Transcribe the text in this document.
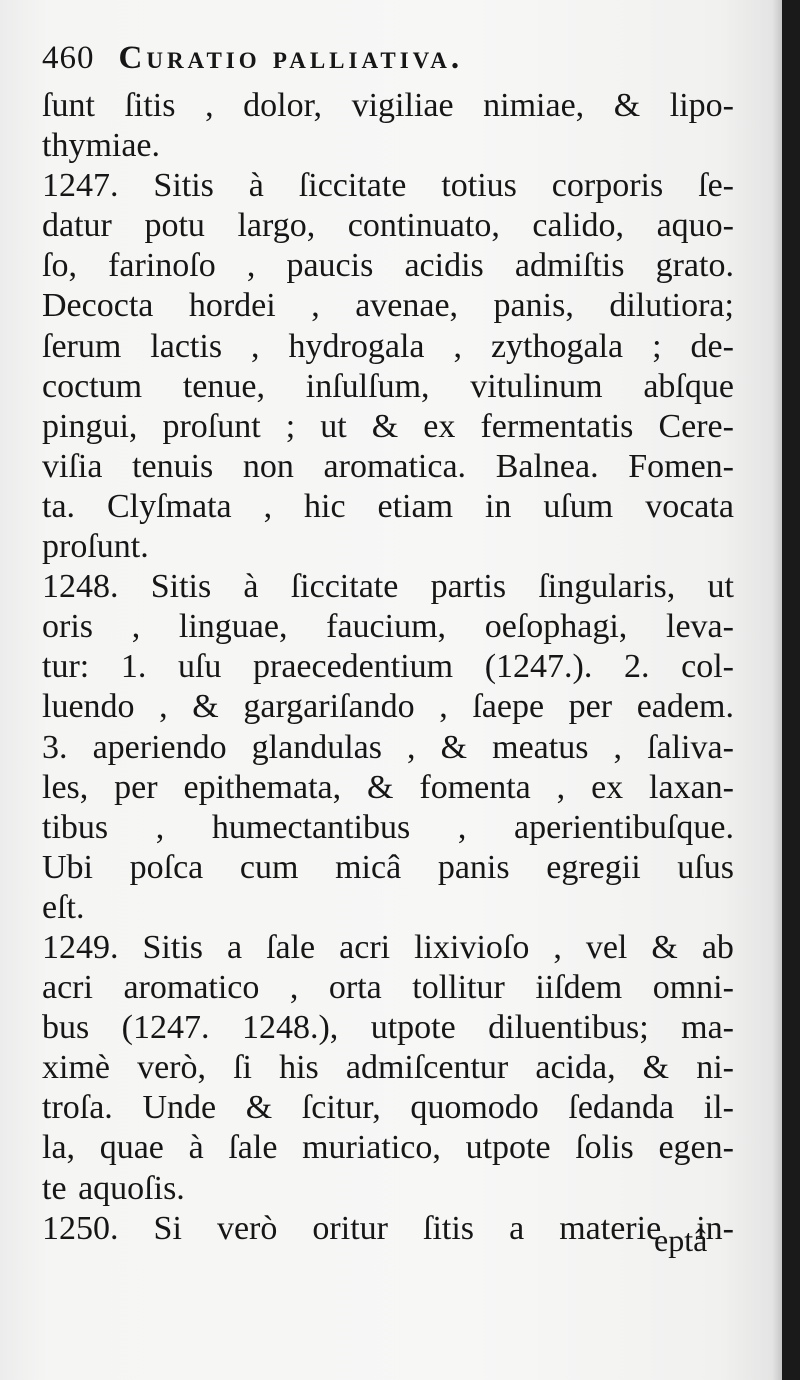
460 Curatio palliativa.
ſunt ſitis , dolor, vigiliae nimiae, & lipo-
thymiae.
1247. Sitis à ſiccitate totius corporis ſe-
datur potu largo, continuato, calido, aquo-
ſo, farinoſo , paucis acidis admiſtis grato.
Decocta hordei , avenae, panis, dilutiora;
ſerum lactis , hydrogala , zythogala ; de-
coctum tenue, inſulſum, vitulinum abſque
pingui, proſunt ; ut & ex fermentatis Cere-
viſia tenuis non aromatica. Balnea. Fomen-
ta. Clyſmata , hic etiam in uſum vocata
proſunt.
1248. Sitis à ſiccitate partis ſingularis, ut
oris , linguae, faucium, oeſophagi, leva-
tur: 1. uſu praecedentium (1247.). 2. col-
luendo , & gargariſando , ſaepe per eadem.
3. aperiendo glandulas , & meatus , ſaliva-
les, per epithemata, & fomenta , ex laxan-
tibus , humectantibus , aperientibuſque.
Ubi poſca cum micâ panis egregii uſus
eſt.
1249. Sitis a ſale acri lixivioſo , vel & ab
acri aromatico , orta tollitur iiſdem omni-
bus (1247. 1248.), utpote diluentibus; ma-
ximè verò, ſi his admiſcentur acida, & ni-
troſa. Unde & ſcitur, quomodo ſedanda il-
la, quae à ſale muriatico, utpote ſolis egen-
te aquoſis.
1250. Si verò oritur ſitis a materie in-
eptâ
